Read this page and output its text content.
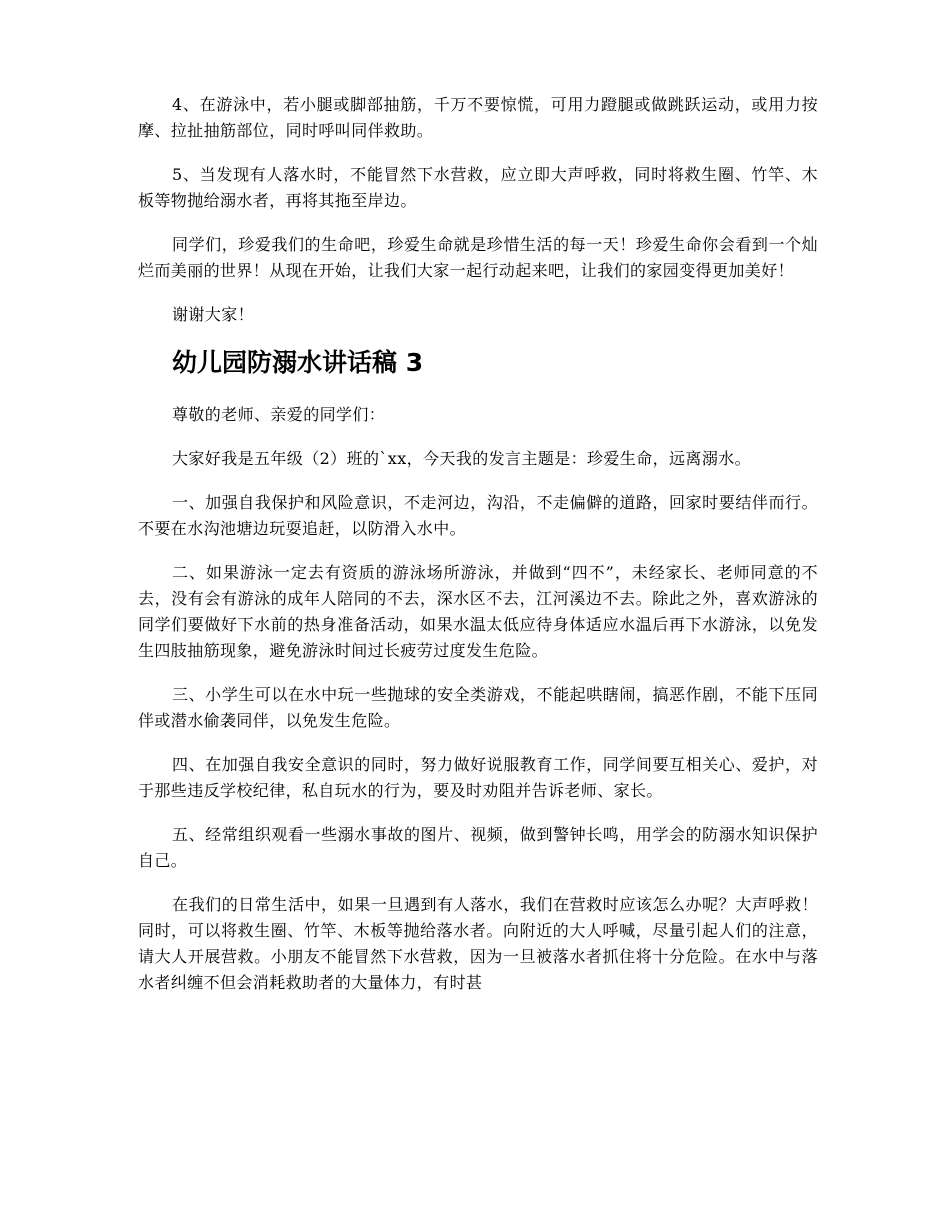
4、在游泳中，若小腿或脚部抽筋，千万不要惊慌，可用力蹬腿或做跳跃运动，或用力按摩、拉扯抽筋部位，同时呼叫同伴救助。

5、当发现有人落水时，不能冒然下水营救，应立即大声呼救，同时将救生圈、竹竿、木板等物抛给溺水者，再将其拖至岸边。

同学们，珍爱我们的生命吧，珍爱生命就是珍惜生活的每一天！珍爱生命你会看到一个灿烂而美丽的世界！从现在开始，让我们大家一起行动起来吧，让我们的家园变得更加美好！

谢谢大家！

幼儿园防溺水讲话稿 3

尊敬的老师、亲爱的同学们：

大家好我是五年级（2）班的`xx，今天我的发言主题是：珍爱生命，远离溺水。

一、加强自我保护和风险意识，不走河边，沟沿，不走偏僻的道路，回家时要结伴而行。不要在水沟池塘边玩耍追赶，以防滑入水中。

二、如果游泳一定去有资质的游泳场所游泳，并做到“四不”，未经家长、老师同意的不去，没有会有游泳的成年人陪同的不去，深水区不去，江河溪边不去。除此之外，喜欢游泳的同学们要做好下水前的热身准备活动，如果水温太低应待身体适应水温后再下水游泳，以免发生四肢抽筋现象，避免游泳时间过长疲劳过度发生危险。

三、小学生可以在水中玩一些抛球的安全类游戏，不能起哄瞎闹，搞恶作剧，不能下压同伴或潜水偷袭同伴，以免发生危险。

四、在加强自我安全意识的同时，努力做好说服教育工作，同学间要互相关心、爱护，对于那些违反学校纪律，私自玩水的行为，要及时劝阻并告诉老师、家长。

五、经常组织观看一些溺水事故的图片、视频，做到警钟长鸣，用学会的防溺水知识保护自己。

在我们的日常生活中，如果一旦遇到有人落水，我们在营救时应该怎么办呢？大声呼救！同时，可以将救生圈、竹竿、木板等抛给落水者。向附近的大人呼喊，尽量引起人们的注意，请大人开展营救。小朋友不能冒然下水营救，因为一旦被落水者抓住将十分危险。在水中与落水者纠缠不但会消耗救助者的大量体力，有时甚
